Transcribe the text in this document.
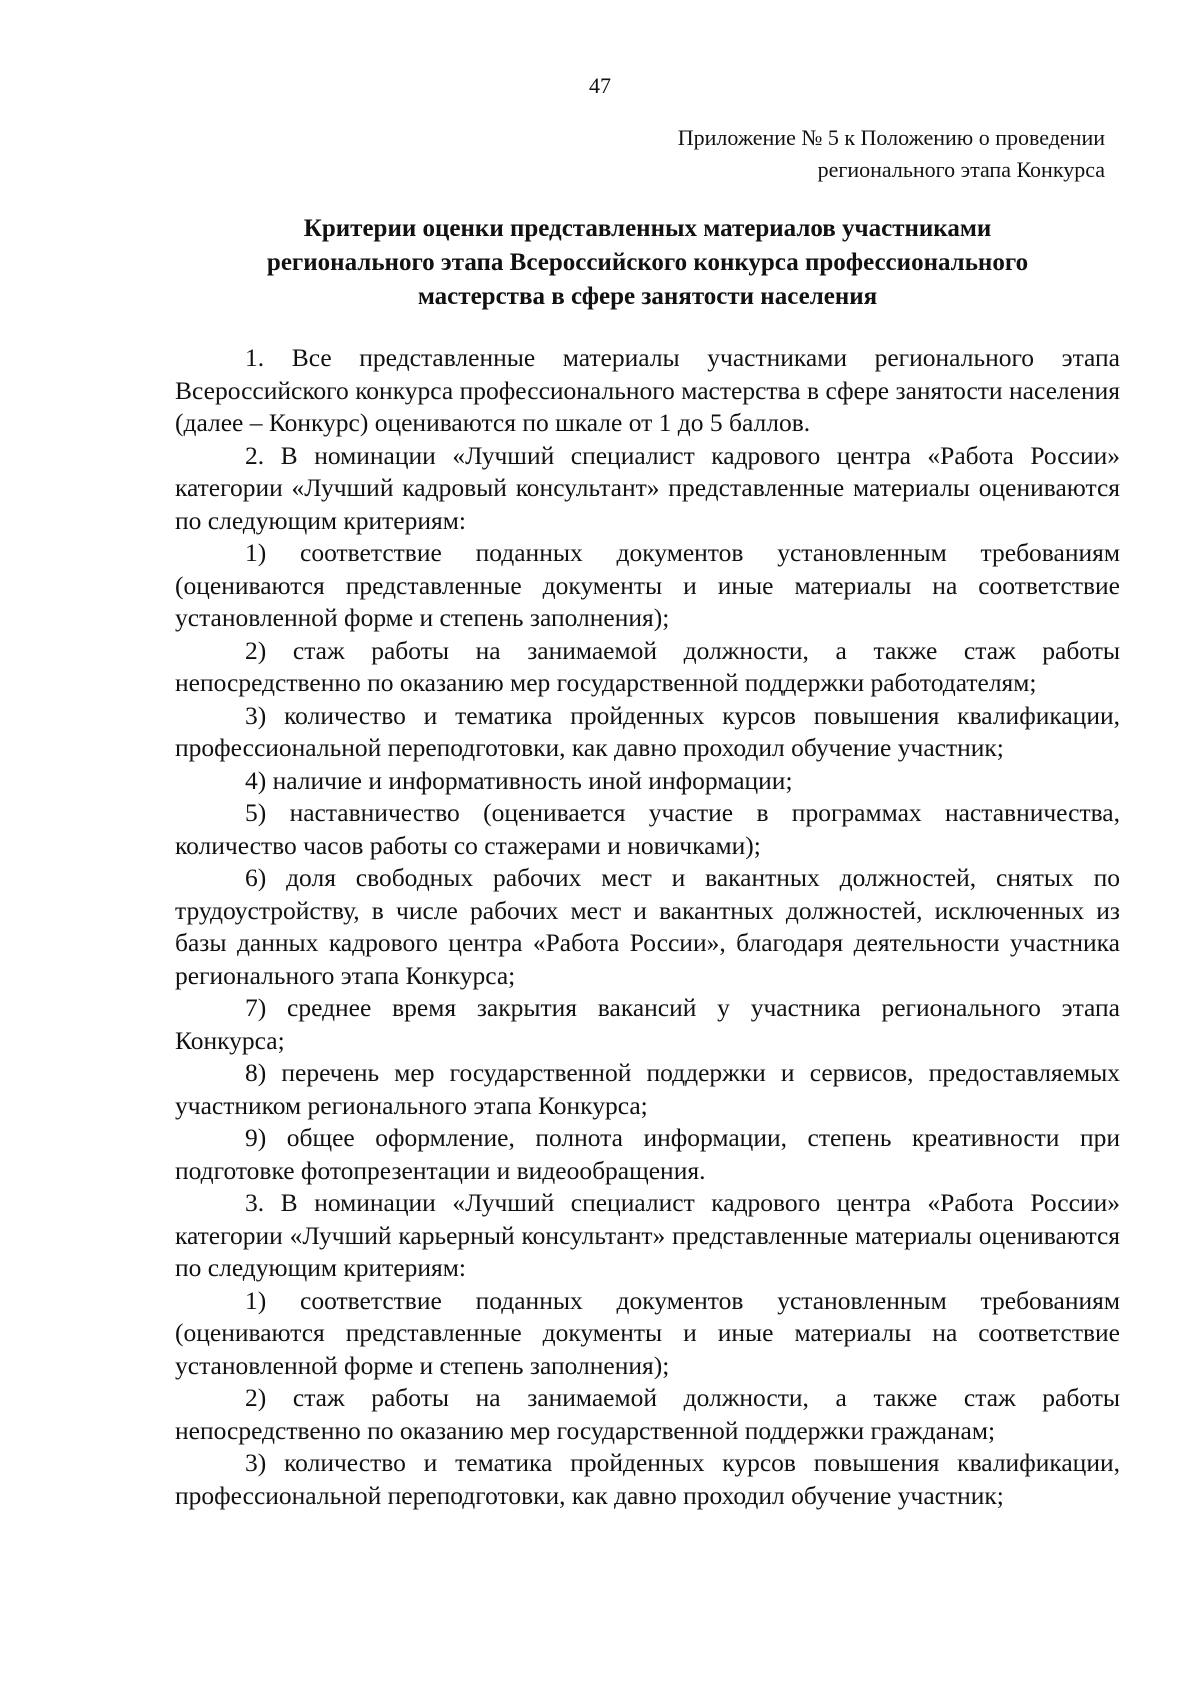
47
Приложение № 5 к Положению о проведении
регионального этапа Конкурса
Критерии оценки представленных материалов участниками
регионального этапа Всероссийского конкурса профессионального
мастерства в сфере занятости населения

1. Все представленные материалы участниками регионального этапа Всероссийского конкурса профессионального мастерства в сфере занятости населения (далее – Конкурс) оцениваются по шкале от 1 до 5 баллов.

2. В номинации «Лучший специалист кадрового центра «Работа России» категории «Лучший кадровый консультант» представленные материалы оцениваются по следующим критериям:

1) соответствие поданных документов установленным требованиям (оцениваются представленные документы и иные материалы на соответствие установленной форме и степень заполнения);

2) стаж работы на занимаемой должности, а также стаж работы непосредственно по оказанию мер государственной поддержки работодателям;

3) количество и тематика пройденных курсов повышения квалификации, профессиональной переподготовки, как давно проходил обучение участник;

4) наличие и информативность иной информации;

5) наставничество (оценивается участие в программах наставничества, количество часов работы со стажерами и новичками);

6) доля свободных рабочих мест и вакантных должностей, снятых по трудоустройству, в числе рабочих мест и вакантных должностей, исключенных из базы данных кадрового центра «Работа России», благодаря деятельности участника регионального этапа Конкурса;

7) среднее время закрытия вакансий у участника регионального этапа Конкурса;

8) перечень мер государственной поддержки и сервисов, предоставляемых участником регионального этапа Конкурса;

9) общее оформление, полнота информации, степень креативности при подготовке фотопрезентации и видеообращения.

3. В номинации «Лучший специалист кадрового центра «Работа России» категории «Лучший карьерный консультант» представленные материалы оцениваются по следующим критериям:

1) соответствие поданных документов установленным требованиям (оцениваются представленные документы и иные материалы на соответствие установленной форме и степень заполнения);

2) стаж работы на занимаемой должности, а также стаж работы непосредственно по оказанию мер государственной поддержки гражданам;

3) количество и тематика пройденных курсов повышения квалификации, профессиональной переподготовки, как давно проходил обучение участник;
